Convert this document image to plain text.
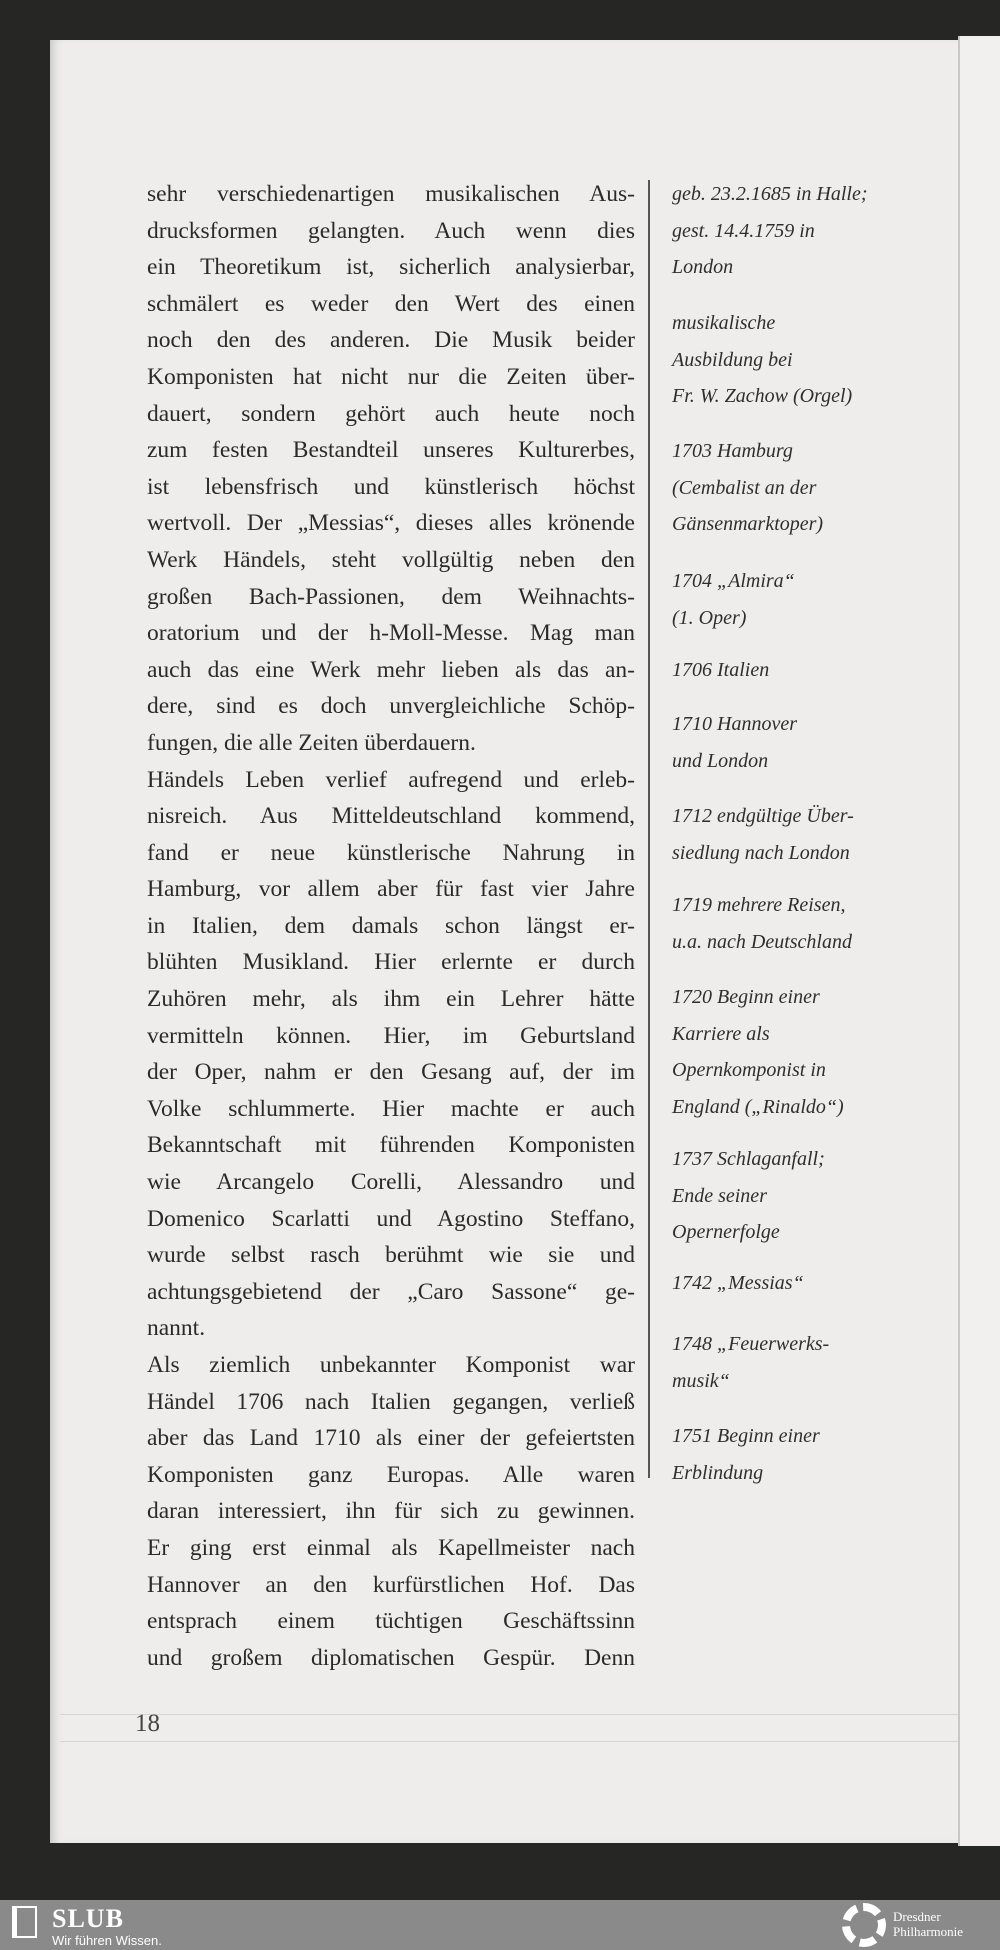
sehr verschiedenartigen musikalischen Aus-
drucksformen gelangten. Auch wenn dies
ein Theoretikum ist, sicherlich analysierbar,
schmälert es weder den Wert des einen
noch den des anderen. Die Musik beider
Komponisten hat nicht nur die Zeiten über-
dauert, sondern gehört auch heute noch
zum festen Bestandteil unseres Kulturerbes,
ist lebensfrisch und künstlerisch höchst
wertvoll. Der „Messias“, dieses alles krönende
Werk Händels, steht vollgültig neben den
großen Bach-Passionen, dem Weihnachts-
oratorium und der h-Moll-Messe. Mag man
auch das eine Werk mehr lieben als das an-
dere, sind es doch unvergleichliche Schöp-
fungen, die alle Zeiten überdauern.
Händels Leben verlief aufregend und erleb-
nisreich. Aus Mitteldeutschland kommend,
fand er neue künstlerische Nahrung in
Hamburg, vor allem aber für fast vier Jahre
in Italien, dem damals schon längst er-
blühten Musikland. Hier erlernte er durch
Zuhören mehr, als ihm ein Lehrer hätte
vermitteln können. Hier, im Geburtsland
der Oper, nahm er den Gesang auf, der im
Volke schlummerte. Hier machte er auch
Bekanntschaft mit führenden Komponisten
wie Arcangelo Corelli, Alessandro und
Domenico Scarlatti und Agostino Steffano,
wurde selbst rasch berühmt wie sie und
achtungsgebietend der „Caro Sassone“ ge-
nannt.
Als ziemlich unbekannter Komponist war
Händel 1706 nach Italien gegangen, verließ
aber das Land 1710 als einer der gefeiertsten
Komponisten ganz Europas. Alle waren
daran interessiert, ihn für sich zu gewinnen.
Er ging erst einmal als Kapellmeister nach
Hannover an den kurfürstlichen Hof. Das
entsprach einem tüchtigen Geschäftssinn
und großem diplomatischen Gespür. Denn
geb. 23.2.1685 in Halle;
gest. 14.4.1759 in
London
musikalische
Ausbildung bei
Fr. W. Zachow (Orgel)
1703 Hamburg
(Cembalist an der
Gänsenmarktoper)
1704 „Almira“
(1. Oper)
1706 Italien
1710 Hannover
und London
1712 endgültige Über-
siedlung nach London
1719 mehrere Reisen,
u.a. nach Deutschland
1720 Beginn einer
Karriere als
Opernkomponist in
England („Rinaldo“)
1737 Schlaganfall;
Ende seiner
Opernerfolge
1742 „Messias“
1748 „Feuerwerks-
musik“
1751 Beginn einer
Erblindung
18
SLUB
Wir führen Wissen.
Dresdner
Philharmonie
